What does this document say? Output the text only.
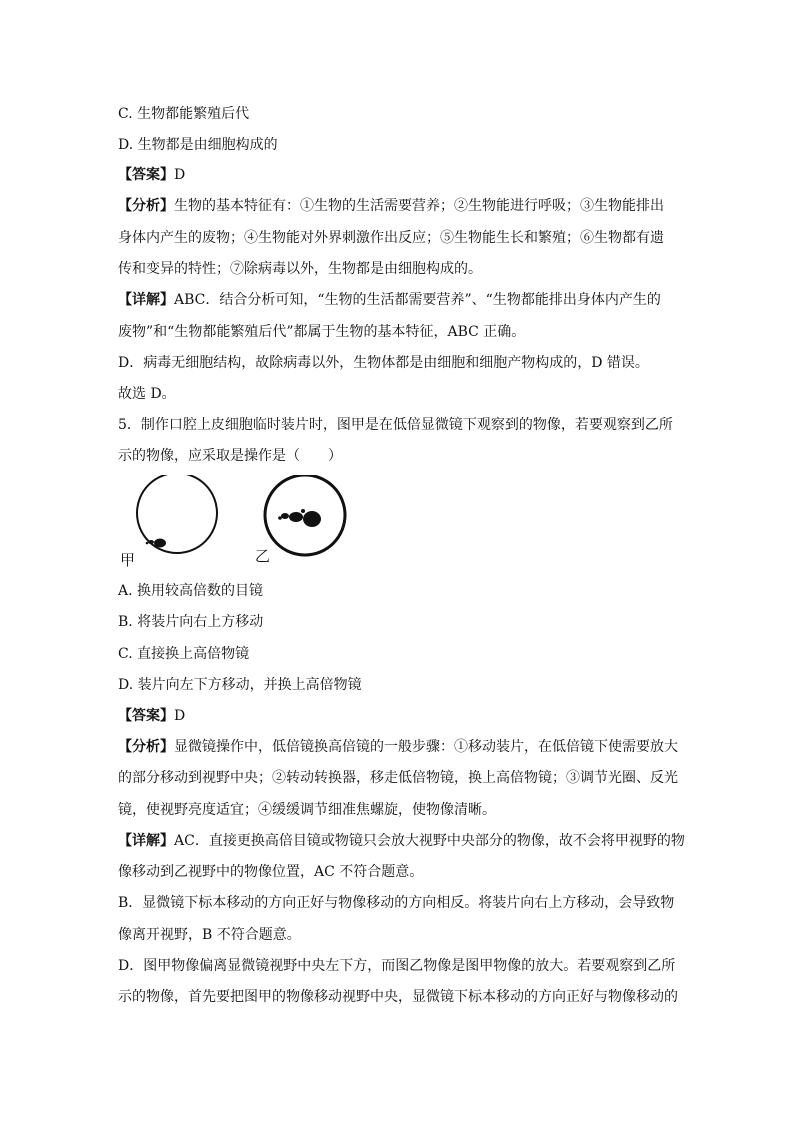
C. 生物都能繁殖后代
D. 生物都是由细胞构成的
【答案】D
【分析】生物的基本特征有：①生物的生活需要营养；②生物能进行呼吸；③生物能排出
身体内产生的废物；④生物能对外界刺激作出反应；⑤生物能生长和繁殖；⑥生物都有遗
传和变异的特性；⑦除病毒以外，生物都是由细胞构成的。
【详解】ABC．结合分析可知，“生物的生活都需要营养”、“生物都能排出身体内产生的
废物”和“生物都能繁殖后代”都属于生物的基本特征，ABC 正确。
D．病毒无细胞结构，故除病毒以外，生物体都是由细胞和细胞产物构成的，D 错误。
故选 D。
5．制作口腔上皮细胞临时装片时，图甲是在低倍显微镜下观察到的物像，若要观察到乙所
示的物像，应采取是操作是（　　）
甲	乙
A. 换用较高倍数的目镜
B. 将装片向右上方移动
C. 直接换上高倍物镜
D. 装片向左下方移动，并换上高倍物镜
【答案】D
【分析】显微镜操作中，低倍镜换高倍镜的一般步骤：①移动装片，在低倍镜下使需要放大
的部分移动到视野中央；②转动转换器，移走低倍物镜，换上高倍物镜；③调节光圈、反光
镜，使视野亮度适宜；④缓缓调节细准焦螺旋，使物像清晰。
【详解】AC．直接更换高倍目镜或物镜只会放大视野中央部分的物像，故不会将甲视野的物
像移动到乙视野中的物像位置，AC 不符合题意。
B．显微镜下标本移动的方向正好与物像移动的方向相反。将装片向右上方移动，会导致物
像离开视野，B 不符合题意。
D．图甲物像偏离显微镜视野中央左下方，而图乙物像是图甲物像的放大。若要观察到乙所
示的物像，首先要把图甲的物像移动视野中央，显微镜下标本移动的方向正好与物像移动的
